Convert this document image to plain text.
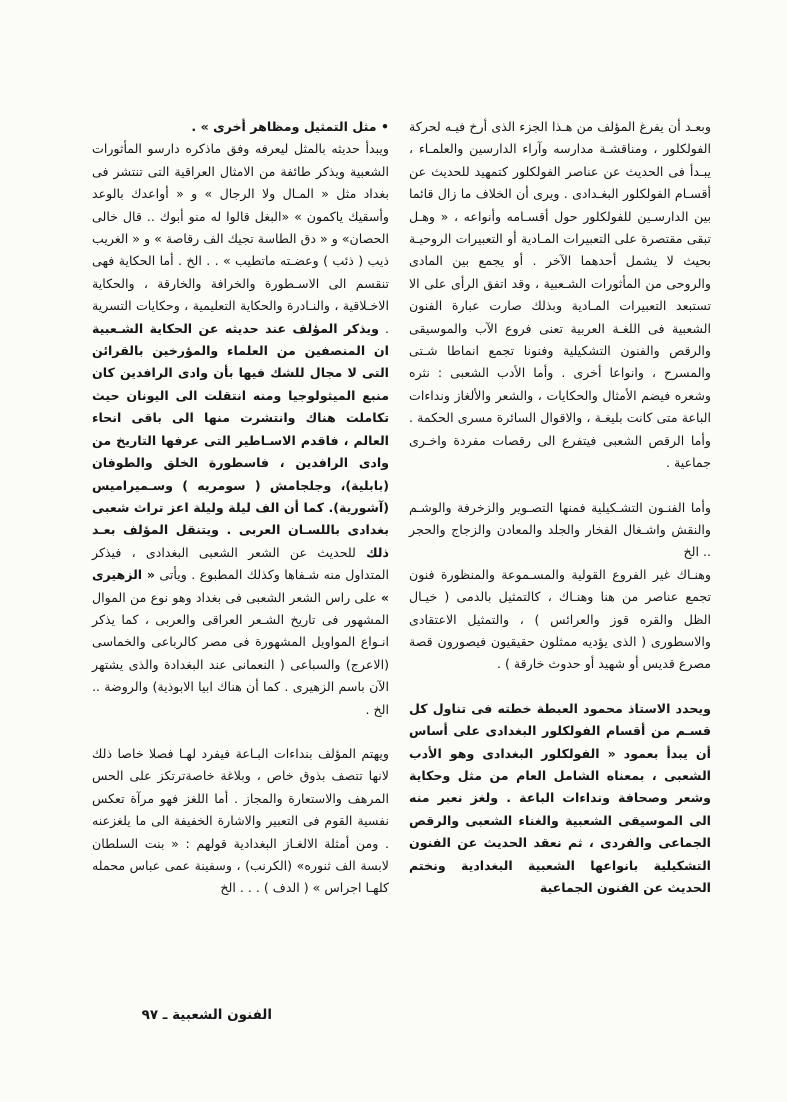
وبعـد أن يفرغ المؤلف من هـذا الجزء الذى أرخ فيـه لحركة الفولكلور ، ومناقشـة مدارسه وآراء الدارسين والعلمـاء ، يبـدأ فى الحديث عن عناصر الفولكلور كتمهيد للحديث عن أقسـام الفولكلور البغـدادى . ويرى أن الخلاف ما زال قائما بين الدارسـين للفولكلور حول أقسـامه وأنواعه ، « وهـل تبقى مقتصرة على التعبيرات المـادية أو التعبيرات الروحيـة بحيث لا يشمل أحدهما الآخر . أو يجمع بين المادى والروحى من المأثورات الشـعبية ، وقد اتفق الرأى على الا تستبعد التعبيرات المـادية وبذلك صارت عبارة الفنون الشعبية فى اللغـة العربية تعنى فروع الآب والموسيقى والرقص والفنون التشكيلية وفنونا تجمع انماطا شـتى والمسرح ، وانواعا أخرى . وأما الأدب الشعبى : نثره وشعره فيضم الأمثال والحكايات ، والشعر والألغاز ونداءات الباعة متى كانت بليغـة ، والاقوال السائرة مسرى الحكمة . وأما الرقص الشعبى فيتفرع الى رقصات مفردة واخـرى جماعية .

وأما الفنـون التشـكيلية فمنها التصـوير والزخرفة والوشـم والنقش واشـغال الفخار والجلد والمعادن والزجاج والحجر .. الخ

وهنـاك غير الفروع القولية والمسـموعة والمنظورة فنون تجمع عناصر من هنا وهنـاك ، كالتمثيل بالدمى ( خيـال الظل والقره قوز والعرائس ) ، والتمثيل الاعتقادى والاسطورى ( الذى يؤديه ممثلون حقيقيون فيصورون قصة مصرع قديس أو شهيد أو حدوث خارقة ) .

ويحدد الاستاذ محمود العبطة خطته فى تناول كل قسـم من أقسام الفولكلور البغدادى على أساس أن يبدأ بعمود « الفولكلور البغدادى وهو الأدب الشعبى ، بمعناه الشامل العام من مثل وحكاية وشعر وصحافة ونداءات الباعة . ولغز نعبر منه الى الموسيقى الشعبية والغناء الشعبى والرقص الجماعى والفردى ، ثم نعقد الحديث عن الفنون التشكيلية بانواعها الشعبية البغدادية ونختم الحديث عن الفنون الجماعية

• مثل التمثيل ومظاهر أخرى » .

ويبدأ حديثه بالمثل ليعرفه وفق ماذكره دارسو المأثورات الشعبية ويذكر طائفة من الامثال العراقية التى تنتشر فى بغداد مثل « المـال ولا الرجال » و « أواعدك بالوعد وأسقيك ياكمون » «البغل قالوا له منو أبوك .. قال خالى الحصان» و « دق الطاسة تجيك الف رقاصة » و « الغريب ذيب ( ذئب ) وعضـته ماتطيب » . . الخ . أما الحكاية فهى تنقسم الى الاسـطورة والخرافة والخارقة ، والحكاية الاخـلاقية ، والنـادرة والحكاية التعليمية ، وحكايات التسرية . ويذكر المؤلف عند حديثه عن الحكاية الشـعبية ان المنصفين من العلماء والمؤرخين بالقرائن التى لا مجال للشك فيها بأن وادى الرافدين كان منبع الميثولوجيا ومنه انتقلت الى اليونان حيث تكاملت هناك وانتشرت منها الى باقى انحاء العالم ، فاقدم الاسـاطير التى عرفها التاريخ من وادى الرافدين ، فاسطورة الخلق والطوفان (بابلية)، وجلجامش ( سومريه ) وسـميراميس (آشورية). كما أن الف ليلة وليلة اعز تراث شعبى بغدادى باللسـان العربى . ويتنقل المؤلف بعـد ذلك للحديث عن الشعر الشعبى البغدادى ، فيذكر المتداول منه شـفاها وكذلك المطبوع . ويأتى « الزهيرى » على راس الشعر الشعبى فى بغداد وهو نوع من الموال المشهور فى تاريخ الشـعر العراقى والعربى ، كما يذكر انـواع المواويل المشهورة فى مصر كالرباعى والخماسى (الاعرج) والسباعى ( النعمانى عند البغدادة والذى يشتهر الآن باسم الزهيرى . كما أن هناك ابيا الابوذية) والروضة .. الخ .

ويهتم المؤلف بنداءات البـاعة فيفرد لهـا فصلا خاصا ذلك لانها تتصف بذوق خاص ، وبلاغة خاصةترتكز على الحس المرهف والاستعارة والمجاز . أما اللغز فهو مرآة تعكس نفسية القوم فى التعبير والاشارة الخفيفة الى ما يلغزعنه . ومن أمثلة الالغـاز البغدادية قولهم : « بنت السلطان لابسة الف ثنوره» (الكرنب) ، وسفينة عمى عباس محمله كلهـا اجراس » ( الدف ) . . . الخ

الفنون الشعبية ـ ٩٧
